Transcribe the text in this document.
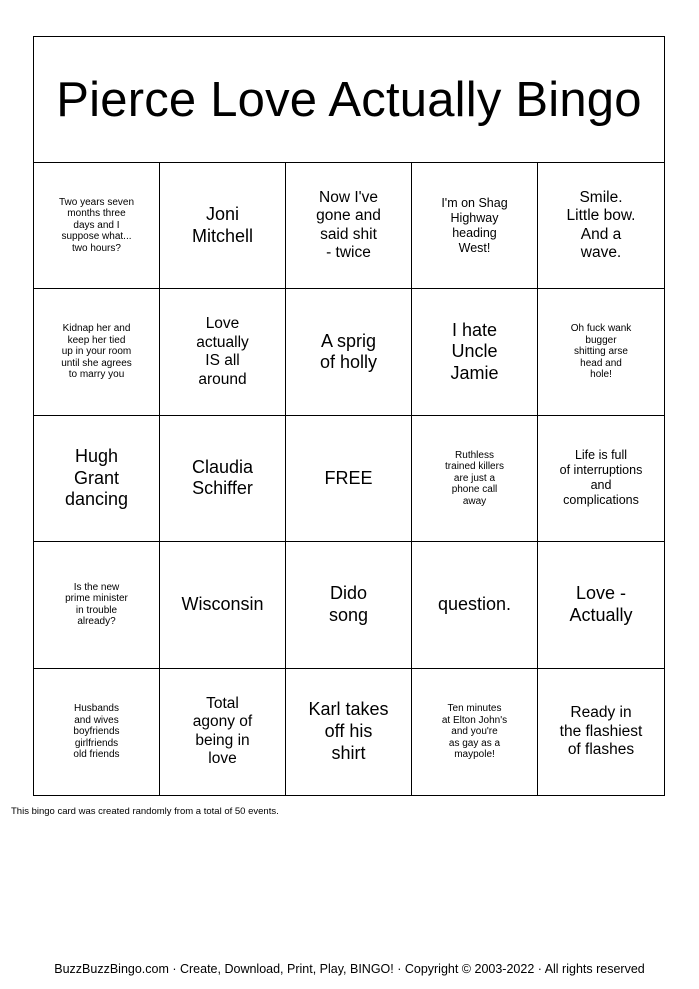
Pierce Love Actually Bingo
Two years seven
months three
days and I
suppose what...
two hours?
Joni
Mitchell
Now I've
gone and
said shit
- twice
I'm on Shag
Highway
heading
West!
Smile.
Little bow.
And a
wave.
Kidnap her and
keep her tied
up in your room
until she agrees
to marry you
Love
actually
IS all
around
A sprig
of holly
I hate
Uncle
Jamie
Oh fuck wank
bugger
shitting arse
head and
hole!
Hugh
Grant
dancing
Claudia
Schiffer
FREE
Ruthless
trained killers
are just a
phone call
away
Life is full
of interruptions
and
complications
Is the new
prime minister
in trouble
already?
Wisconsin
Dido
song
question.
Love -
Actually
Husbands
and wives
boyfriends
girlfriends
old friends
Total
agony of
being in
love
Karl takes
off his
shirt
Ten minutes
at Elton John's
and you're
as gay as a
maypole!
Ready in
the flashiest
of flashes
This bingo card was created randomly from a total of 50 events.
BuzzBuzzBingo.com · Create, Download, Print, Play, BINGO! · Copyright © 2003-2022 · All rights reserved
